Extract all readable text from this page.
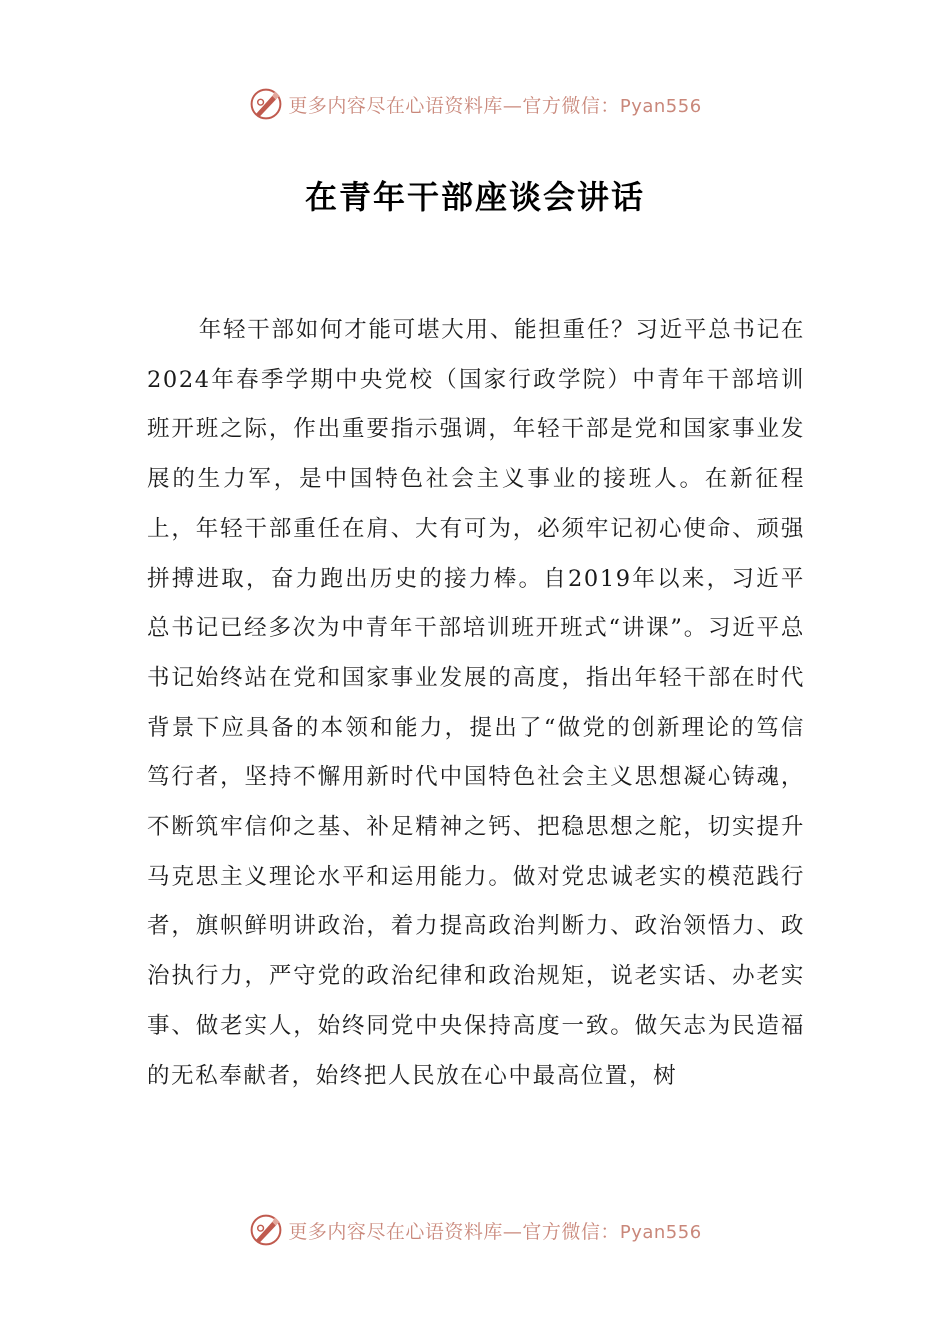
更多内容尽在心语资料库—官方微信：Pyan556
在青年干部座谈会讲话

年轻干部如何才能可堪大用、能担重任？习近平总书记在2024年春季学期中央党校（国家行政学院）中青年干部培训班开班之际，作出重要指示强调，年轻干部是党和国家事业发展的生力军，是中国特色社会主义事业的接班人。在新征程上，年轻干部重任在肩、大有可为，必须牢记初心使命、顽强拼搏进取，奋力跑出历史的接力棒。自2019年以来，习近平总书记已经多次为中青年干部培训班开班式“讲课”。习近平总书记始终站在党和国家事业发展的高度，指出年轻干部在时代背景下应具备的本领和能力，提出了“做党的创新理论的笃信笃行者，坚持不懈用新时代中国特色社会主义思想凝心铸魂，不断筑牢信仰之基、补足精神之钙、把稳思想之舵，切实提升马克思主义理论水平和运用能力。做对党忠诚老实的模范践行者，旗帜鲜明讲政治，着力提高政治判断力、政治领悟力、政治执行力，严守党的政治纪律和政治规矩，说老实话、办老实事、做老实人，始终同党中央保持高度一致。做矢志为民造福的无私奉献者，始终把人民放在心中最高位置，树

更多内容尽在心语资料库—官方微信：Pyan556
